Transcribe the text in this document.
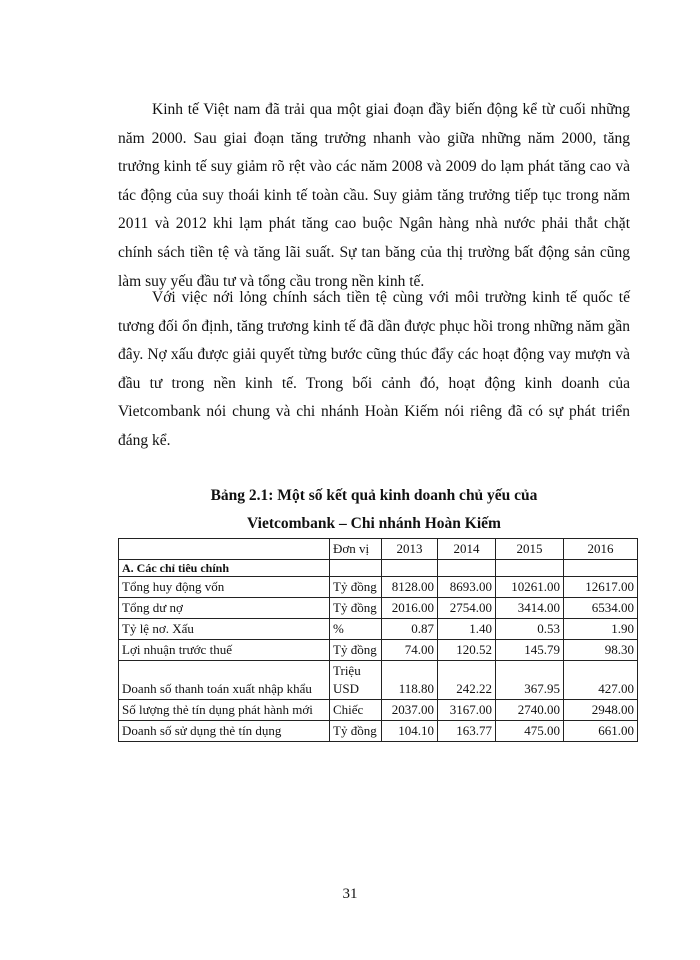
Kinh tế Việt nam đã trải qua một giai đoạn đầy biến động kể từ cuối những năm 2000. Sau giai đoạn tăng trưởng nhanh vào giữa những năm 2000, tăng trưởng kinh tế suy giảm rõ rệt vào các năm 2008 và 2009 do lạm phát tăng cao và tác động của suy thoái kinh tế toàn cầu. Suy giảm tăng trưởng tiếp tục trong năm 2011 và 2012 khi lạm phát tăng cao buộc Ngân hàng nhà nước phải thắt chặt chính sách tiền tệ và tăng lãi suất. Sự tan băng của thị trường bất động sản cũng làm suy yếu đầu tư và tổng cầu trong nền kinh tế.

Với việc nới lỏng chính sách tiền tệ cùng với môi trường kinh tế quốc tế tương đối ổn định, tăng trương kinh tế đã dần được phục hồi trong những năm gần đây. Nợ xấu được giải quyết từng bước cũng thúc đẩy các hoạt động vay mượn và đầu tư trong nền kinh tế. Trong bối cảnh đó, hoạt động kinh doanh của Vietcombank nói chung và chi nhánh Hoàn Kiếm nói riêng đã có sự phát triển đáng kể.

Bảng 2.1: Một số kết quả kinh doanh chủ yếu của

Vietcombank – Chi nhánh Hoàn Kiếm

	Đơn vị	2013	2014	2015	2016
A. Các chỉ tiêu chính					
Tổng huy động vốn	Tỷ đồng	8128.00	8693.00	10261.00	12617.00
Tổng dư nợ	Tỷ đồng	2016.00	2754.00	3414.00	6534.00
Tỷ lệ nơ. Xấu	%	0.87	1.40	0.53	1.90
Lợi nhuận trước thuế	Tỷ đồng	74.00	120.52	145.79	98.30
Doanh số thanh toán xuất nhập khẩu	Triệu USD	118.80	242.22	367.95	427.00
Số lượng thẻ tín dụng phát hành mới	Chiếc	2037.00	3167.00	2740.00	2948.00
Doanh số sử dụng thẻ tín dụng	Tỷ đồng	104.10	163.77	475.00	661.00
31
